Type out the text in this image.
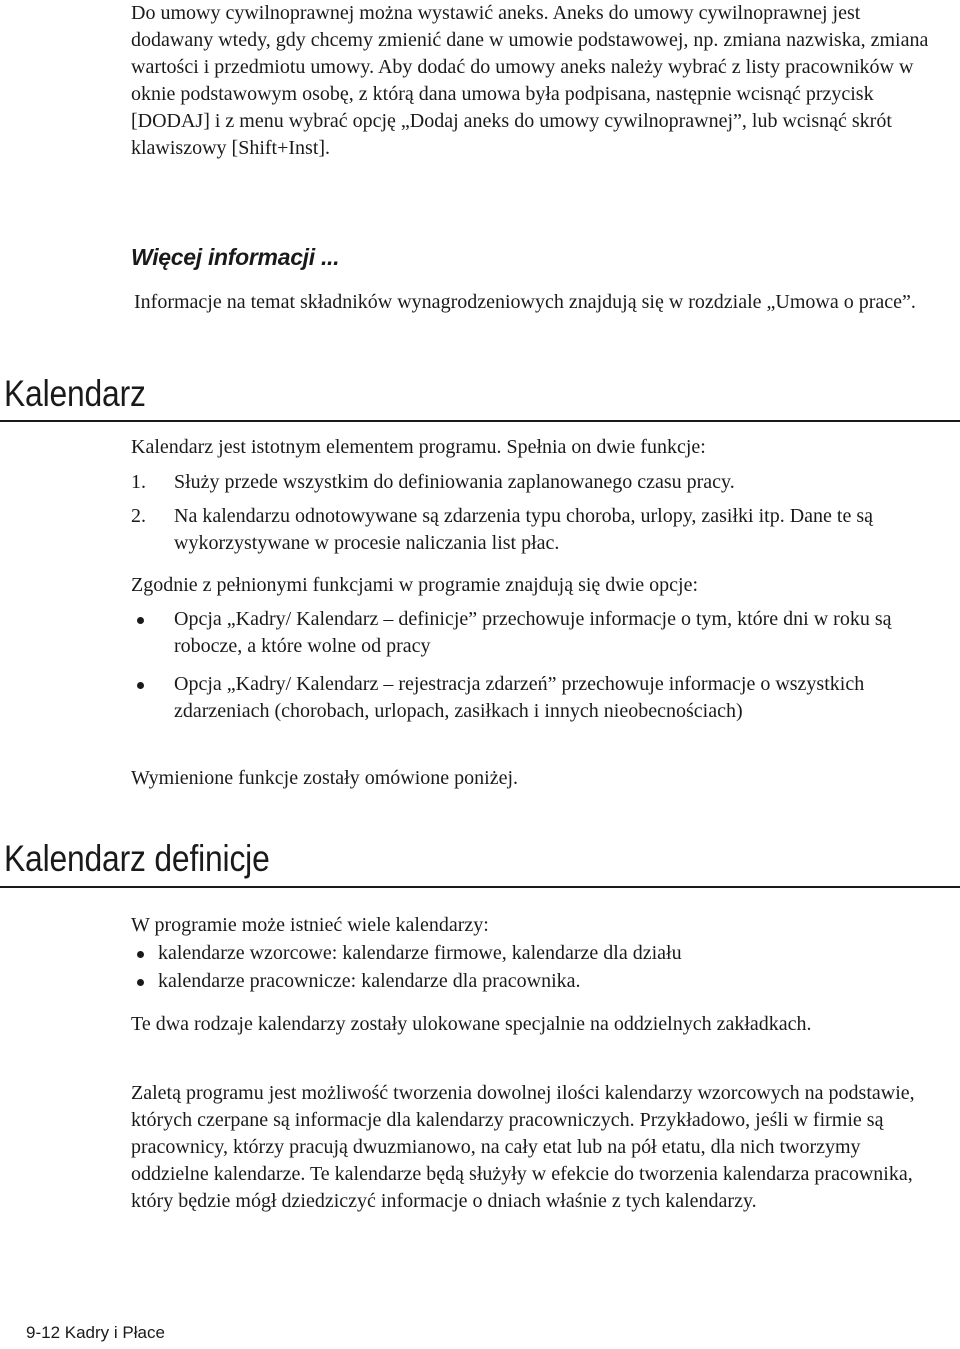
Do umowy cywilnoprawnej można wystawić aneks. Aneks do umowy cywilnoprawnej jest dodawany wtedy, gdy chcemy zmienić dane w umowie podstawowej, np. zmiana nazwiska, zmiana wartości i przedmiotu umowy. Aby dodać do umowy aneks należy wybrać z listy pracowników w oknie podstawowym osobę, z którą dana umowa była podpisana, następnie wcisnąć przycisk [DODAJ] i z menu wybrać opcję „Dodaj aneks do umowy cywilnoprawnej”, lub wcisnąć skrót klawiszowy [Shift+Inst].

Więcej informacji ...

Informacje na temat składników wynagrodzeniowych znajdują się w rozdziale „Umowa o prace”.

Kalendarz

Kalendarz jest istotnym elementem programu. Spełnia on dwie funkcje:

1. Służy przede wszystkim do definiowania zaplanowanego czasu pracy.
2. Na kalendarzu odnotowywane są zdarzenia typu choroba, urlopy, zasiłki itp. Dane te są wykorzystywane w procesie naliczania list płac.

Zgodnie z pełnionymi funkcjami w programie znajdują się dwie opcje:

Opcja „Kadry/ Kalendarz – definicje” przechowuje informacje o tym, które dni w roku są robocze, a które wolne od pracy

Opcja „Kadry/ Kalendarz – rejestracja zdarzeń” przechowuje informacje o wszystkich zdarzeniach (chorobach, urlopach, zasiłkach i innych nieobecnościach)

Wymienione funkcje zostały omówione poniżej.

Kalendarz definicje

W programie może istnieć wiele kalendarzy:

kalendarze wzorcowe: kalendarze firmowe, kalendarze dla działu

kalendarze pracownicze: kalendarze dla pracownika.

Te dwa rodzaje kalendarzy zostały ulokowane specjalnie na oddzielnych zakładkach.

Zaletą programu jest możliwość tworzenia dowolnej ilości kalendarzy wzorcowych na podstawie, których czerpane są informacje dla kalendarzy pracowniczych. Przykładowo, jeśli w firmie są pracownicy, którzy pracują dwuzmianowo, na cały etat lub na pół etatu, dla nich tworzymy oddzielne kalendarze. Te kalendarze będą służyły w efekcie do tworzenia kalendarza pracownika, który będzie mógł dziedziczyć informacje o dniach właśnie z tych kalendarzy.

9-12 Kadry i Płace
